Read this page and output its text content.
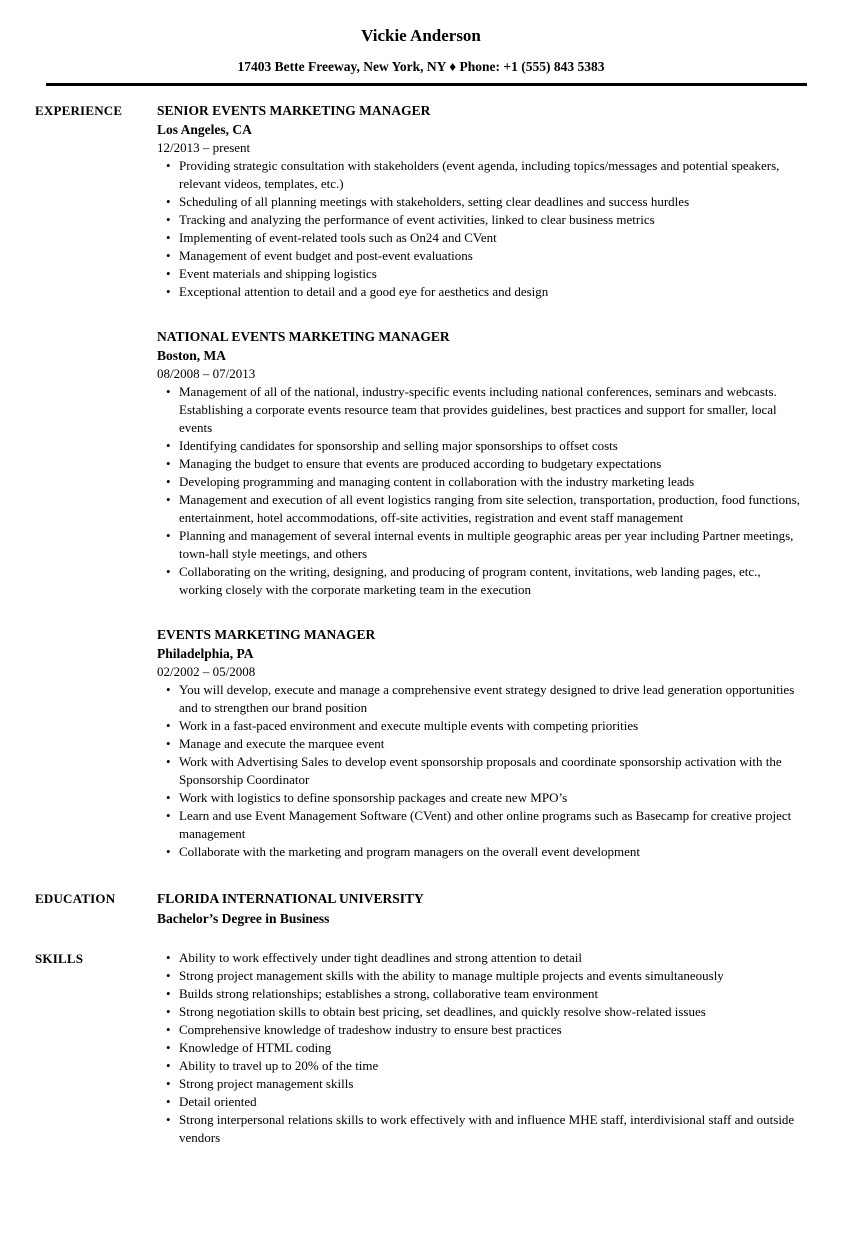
Vickie Anderson

17403 Bette Freeway, New York, NY ♦ Phone: +1 (555) 843 5383

EXPERIENCE	SENIOR EVENTS MARKETING MANAGER
Los Angeles, CA
12/2013 – present
• Providing strategic consultation with stakeholders (event agenda, including topics/messages and potential speakers, relevant videos, templates, etc.)
• Scheduling of all planning meetings with stakeholders, setting clear deadlines and success hurdles
• Tracking and analyzing the performance of event activities, linked to clear business metrics
• Implementing of event-related tools such as On24 and CVent
• Management of event budget and post-event evaluations
• Event materials and shipping logistics
• Exceptional attention to detail and a good eye for aesthetics and design
NATIONAL EVENTS MARKETING MANAGER
Boston, MA
08/2008 – 07/2013
• Management of all of the national, industry-specific events including national conferences, seminars and webcasts. Establishing a corporate events resource team that provides guidelines, best practices and support for smaller, local events
• Identifying candidates for sponsorship and selling major sponsorships to offset costs
• Managing the budget to ensure that events are produced according to budgetary expectations
• Developing programming and managing content in collaboration with the industry marketing leads
• Management and execution of all event logistics ranging from site selection, transportation, production, food functions, entertainment, hotel accommodations, off-site activities, registration and event staff management
• Planning and management of several internal events in multiple geographic areas per year including Partner meetings, town-hall style meetings, and others
• Collaborating on the writing, designing, and producing of program content, invitations, web landing pages, etc., working closely with the corporate marketing team in the execution
EVENTS MARKETING MANAGER
Philadelphia, PA
02/2002 – 05/2008
• You will develop, execute and manage a comprehensive event strategy designed to drive lead generation opportunities and to strengthen our brand position
• Work in a fast-paced environment and execute multiple events with competing priorities
• Manage and execute the marquee event
• Work with Advertising Sales to develop event sponsorship proposals and coordinate sponsorship activation with the Sponsorship Coordinator
• Work with logistics to define sponsorship packages and create new MPO’s
• Learn and use Event Management Software (CVent) and other online programs such as Basecamp for creative project management
• Collaborate with the marketing and program managers on the overall event development
EDUCATION	FLORIDA INTERNATIONAL UNIVERSITY
Bachelor’s Degree in Business
SKILLS	• Ability to work effectively under tight deadlines and strong attention to detail
• Strong project management skills with the ability to manage multiple projects and events simultaneously
• Builds strong relationships; establishes a strong, collaborative team environment
• Strong negotiation skills to obtain best pricing, set deadlines, and quickly resolve show-related issues
• Comprehensive knowledge of tradeshow industry to ensure best practices
• Knowledge of HTML coding
• Ability to travel up to 20% of the time
• Strong project management skills
• Detail oriented
• Strong interpersonal relations skills to work effectively with and influence MHE staff, interdivisional staff and outside vendors
